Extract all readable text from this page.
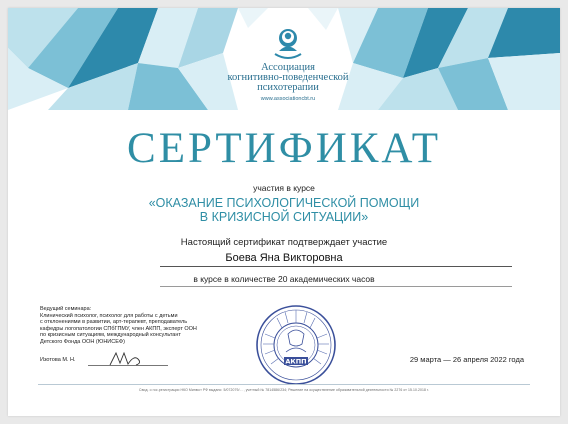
Ассоциация
когнитивно-поведенческой
психотерапии
www.associationcbt.ru
СЕРТИФИКАТ
участия в курсе
«ОКАЗАНИЕ ПСИХОЛОГИЧЕСКОЙ ПОМОЩИ
В КРИЗИСНОЙ СИТУАЦИИ»
Настоящий сертификат подтверждает участие
Боева Яна Викторовна
в курсе в количестве 20 академических часов
Ведущий семинара:
Клинический психолог, психолог для работы с детьми
с отклонениями в развитии, арт-терапевт, преподаватель
кафедры логопатологии СПбГПМУ, член АКПП, эксперт ООН
по кризисным ситуациям, международный консультант
Детского Фонда ООН (ЮНИСЕФ)
Изотова М. Н.	АКПП	29 марта — 26 апреля 2022 года
Свид. о гос.регистрации НКО Минюст РФ выдано: 5/072079/... , учетный № 7814586/234; Решение на осуществление образовательной деятельности № 2276 от 15.10.2018 г.
